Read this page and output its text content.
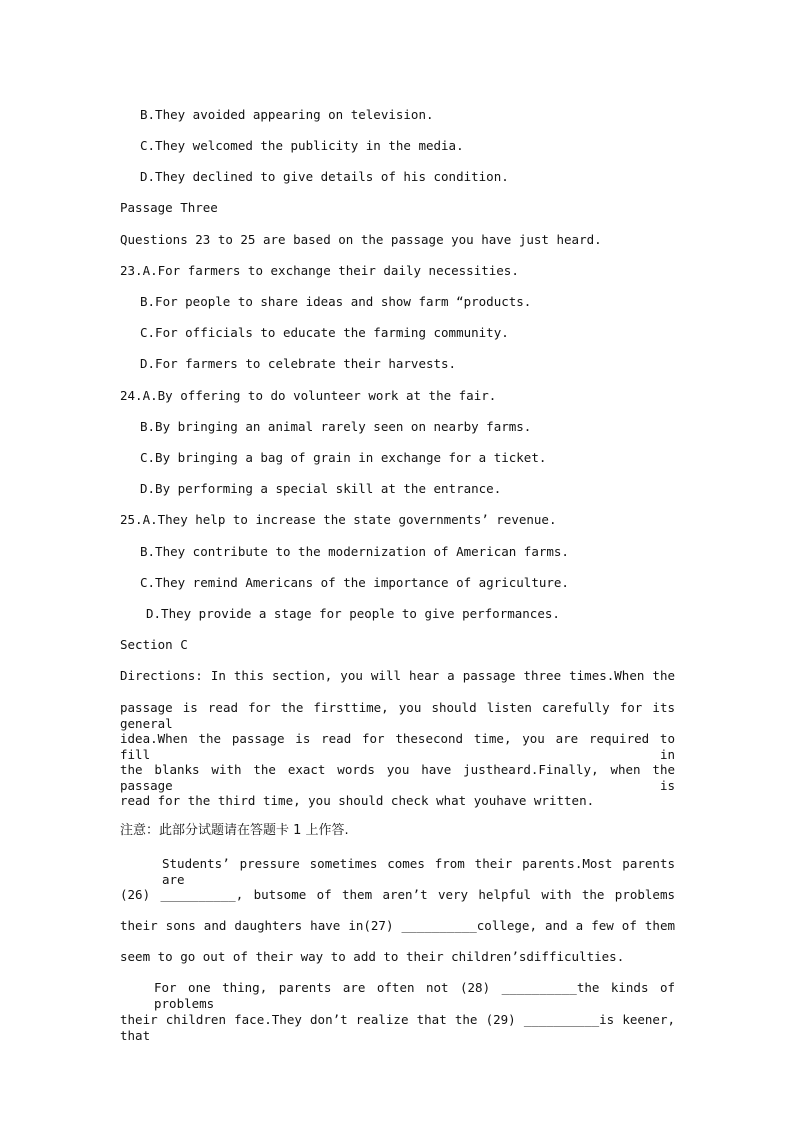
B.They avoided appearing on television.
C.They welcomed the publicity in the media.
D.They declined to give details of his condition.
Passage Three
Questions 23 to 25 are based on the passage you have just heard.
23.A.For farmers to exchange their daily necessities.
B.For people to share ideas and show farm “products.
C.For officials to educate the farming community.
D.For farmers to celebrate their harvests.
24.A.By offering to do volunteer work at the fair.
B.By bringing an animal rarely seen on nearby farms.
C.By bringing a bag of grain in exchange for a ticket.
D.By performing a special skill at the entrance.
25.A.They help to increase the state governments’ revenue.
B.They contribute to the modernization of American farms.
C.They remind Americans of the importance of agriculture.
D.They provide a stage for people to give performances.
Section C
Directions: In this section, you will hear a passage three times.When the
passage is read for the firsttime, you should listen carefully for its general
idea.When the passage is read for thesecond time, you are required to fill in
the blanks with the exact words you have justheard.Finally, when the passage is
read for the third time, you should check what youhave written.
注意：此部分试题请在答题卡 1 上作答.
Students’ pressure sometimes comes from their parents.Most parents are
(26) __________, butsome of them aren’t very helpful with the problems
their sons and daughters have in(27) __________college, and a few of them
seem to go out of their way to add to their children’sdifficulties.
For one thing, parents are often not (28) __________the kinds of problems
their children face.They don’t realize that the (29) __________is keener, that
